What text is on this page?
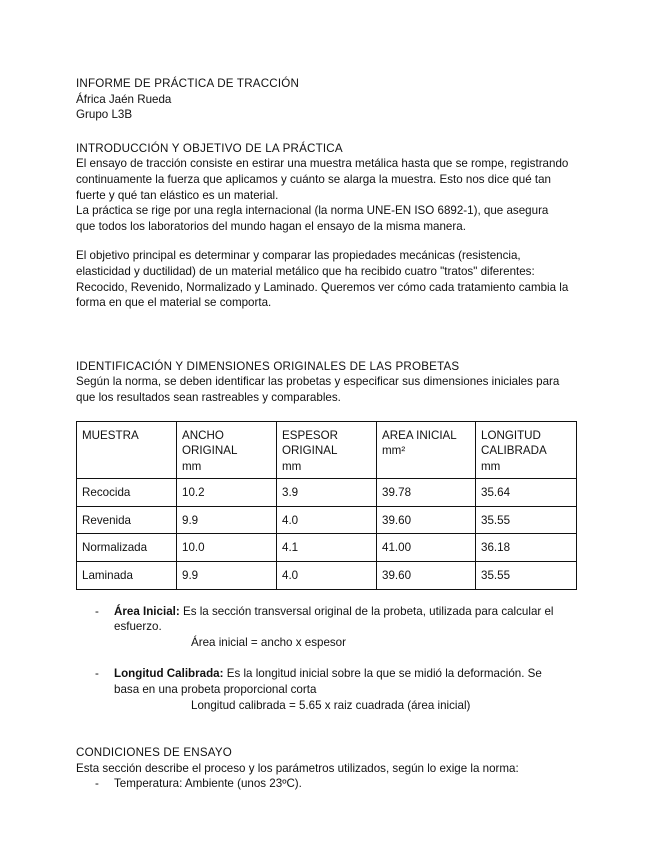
INFORME DE PRÁCTICA DE TRACCIÓN
África Jaén Rueda
Grupo L3B
INTRODUCCIÓN Y OBJETIVO DE LA PRÁCTICA

El ensayo de tracción consiste en estirar una muestra metálica hasta que se rompe, registrando
continuamente la fuerza que aplicamos y cuánto se alarga la muestra. Esto nos dice qué tan
fuerte y qué tan elástico es un material.

La práctica se rige por una regla internacional (la norma UNE-EN ISO 6892-1), que asegura
que todos los laboratorios del mundo hagan el ensayo de la misma manera.

El objetivo principal es determinar y comparar las propiedades mecánicas (resistencia,
elasticidad y ductilidad) de un material metálico que ha recibido cuatro "tratos" diferentes:
Recocido, Revenido, Normalizado y Laminado. Queremos ver cómo cada tratamiento cambia la
forma en que el material se comporta.

IDENTIFICACIÓN Y DIMENSIONES ORIGINALES DE LAS PROBETAS

Según la norma, se deben identificar las probetas y especificar sus dimensiones iniciales para
que los resultados sean rastreables y comparables.

MUESTRA	ANCHO
ORIGINAL
mm	ESPESOR
ORIGINAL
mm	AREA INICIAL
mm²	LONGITUD
CALIBRADA
mm

Recocida	10.2	3.9	39.78	35.64
Revenida	9.9	4.0	39.60	35.55
Normalizada	10.0	4.1	41.00	36.18
Laminada	9.9	4.0	39.60	35.55
- Área Inicial: Es la sección transversal original de la probeta, utilizada para calcular el
esfuerzo.
Área inicial = ancho x espesor
- Longitud Calibrada: Es la longitud inicial sobre la que se midió la deformación. Se
basa en una probeta proporcional corta
Longitud calibrada = 5.65 x raiz cuadrada (área inicial)
CONDICIONES DE ENSAYO
Esta sección describe el proceso y los parámetros utilizados, según lo exige la norma:
- Temperatura: Ambiente (unos 23ºC).
